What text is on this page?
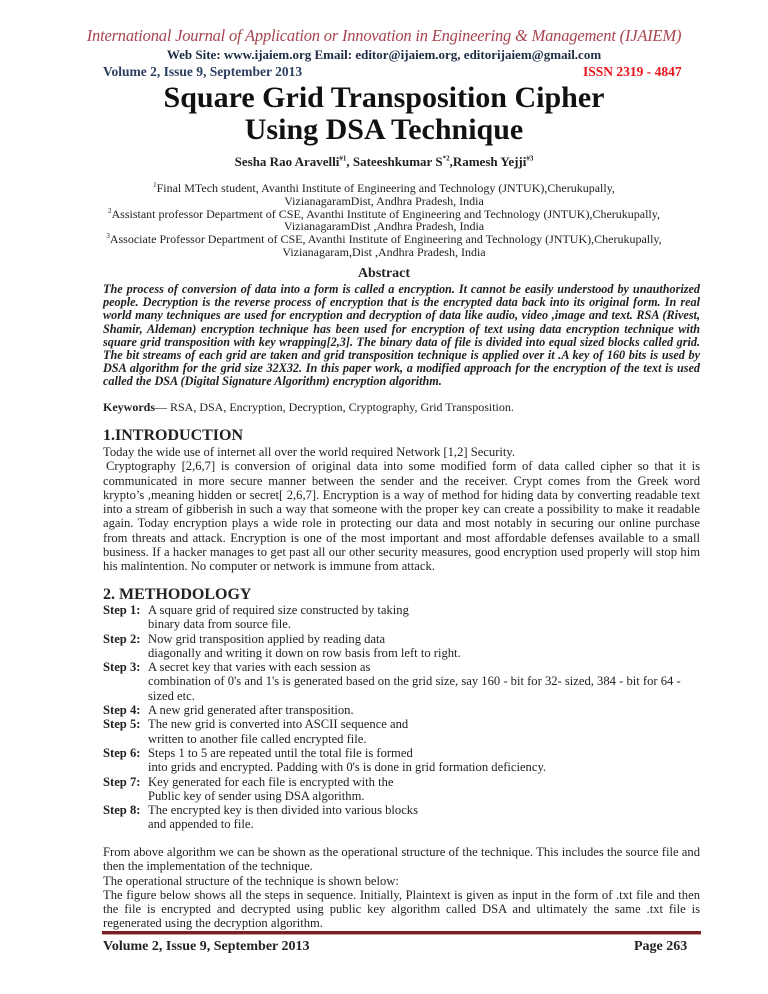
International Journal of Application or Innovation in Engineering & Management (IJAIEM)
Web Site: www.ijaiem.org Email: editor@ijaiem.org, editorijaiem@gmail.com
Volume 2, Issue 9, September 2013	ISSN 2319 - 4847
Square Grid Transposition Cipher
Using DSA Technique
Sesha Rao Aravelli$^{\#1}$, Sateeshkumar $S^{*2},Ramesh$ Yejji$^{\#3}$
$^1$Final MTech student, Avanthi Institute of Engineering and Technology (JNTUK),Cherukupally,
VizianagaramDist, Andhra Pradesh, India
$^2$Assistant professor Department of CSE, Avanthi Institute of Engineering and Technology (JNTUK),Cherukupally,
VizianagaramDist ,Andhra Pradesh, India
$^3$Associate Professor Department of CSE, Avanthi Institute of Engineering and Technology (JNTUK),Cherukupally,
Vizianagaram,Dist ,Andhra Pradesh, India
Abstract
The process of conversion of data into a form is called a encryption. It cannot be easily understood by unauthorized people. Decryption is the reverse process of encryption that is the encrypted data back into its original form. In real world many techniques are used for encryption and decryption of data like audio, video ,image and text. RSA (Rivest, Shamir, Aldeman) encryption technique has been used for encryption of text using data encryption technique with square grid transposition with key wrapping[2,3]. The binary data of file is divided into equal sized blocks called grid. The bit streams of each grid are taken and grid transposition technique is applied over it .A key of 160 bits is used by DSA algorithm for the grid size 32X32. In this paper work, a modified approach for the encryption of the text is used called the DSA (Digital Signature Algorithm) encryption algorithm.
Keywords— RSA, DSA, Encryption, Decryption, Cryptography, Grid Transposition.
1.INTRODUCTION

Today the wide use of internet all over the world required Network [1,2] Security.

Cryptography [2,6,7] is conversion of original data into some modified form of data called cipher so that it is communicated in more secure manner between the sender and the receiver. Crypt comes from the Greek word krypto’s ,meaning hidden or secret[ 2,6,7]. Encryption is a way of method for hiding data by converting readable text into a stream of gibberish in such a way that someone with the proper key can create a possibility to make it readable again. Today encryption plays a wide role in protecting our data and most notably in securing our online purchase from threats and attack. Encryption is one of the most important and most affordable defenses available to a small business. If a hacker manages to get past all our other security measures, good encryption used properly will stop him his malintention. No computer or network is immune from attack.

2. METHODOLOGY
Step 1: A square grid of required size constructed by taking
binary data from source file.
Step 2: Now grid transposition applied by reading data
diagonally and writing it down on row basis from left to right.
Step 3: A secret key that varies with each session as
combination of 0's and 1's is generated based on the grid size, say 160 - bit for 32- sized, 384 - bit for 64 - sized etc.
Step 4: A new grid generated after transposition.
Step 5: The new grid is converted into ASCII sequence and
written to another file called encrypted file.
Step 6: Steps 1 to 5 are repeated until the total file is formed
into grids and encrypted. Padding with 0's is done in grid formation deficiency.
Step 7: Key generated for each file is encrypted with the
Public key of sender using DSA algorithm.
Step 8: The encrypted key is then divided into various blocks
and appended to file.

From above algorithm we can be shown as the operational structure of the technique. This includes the source file and then the implementation of the technique.

The operational structure of the technique is shown below:

The figure below shows all the steps in sequence. Initially, Plaintext is given as input in the form of .txt file and then the file is encrypted and decrypted using public key algorithm called DSA and ultimately the same .txt file is regenerated using the decryption algorithm.

Volume 2, Issue 9, September 2013	Page 263
